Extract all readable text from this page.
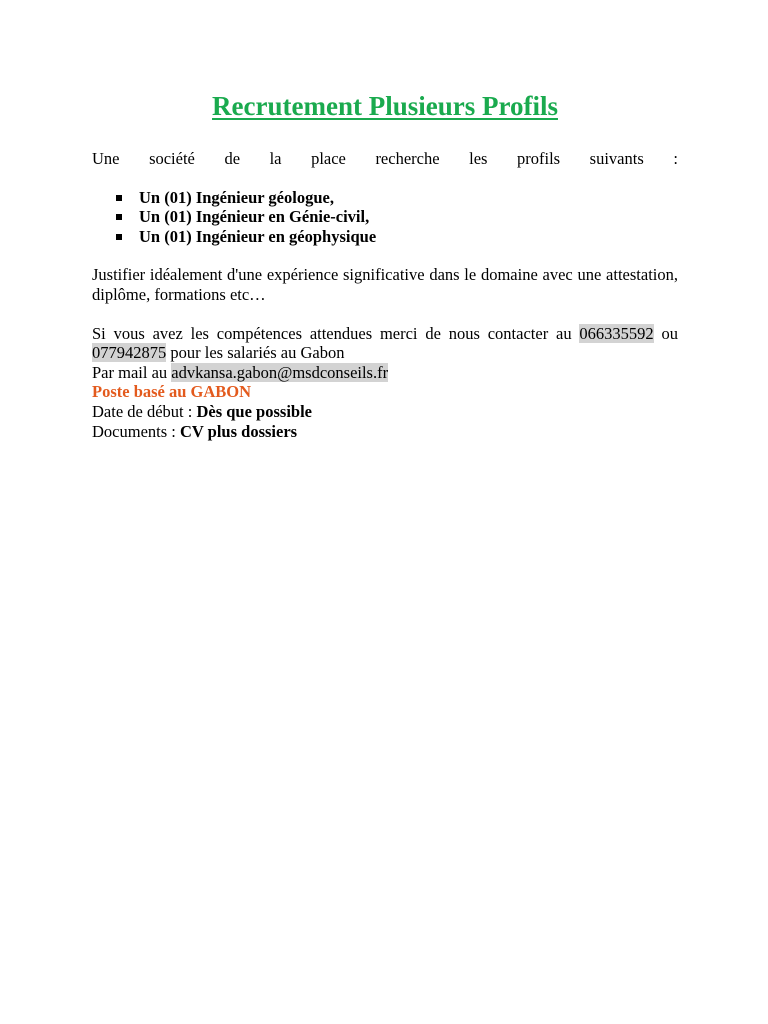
Recrutement Plusieurs Profils

Une société de la place recherche les profils suivants :

Un (01) Ingénieur géologue,
Un (01) Ingénieur en Génie-civil,
Un (01) Ingénieur en géophysique

Justifier idéalement d'une expérience significative dans le domaine avec une attestation, diplôme, formations etc…

Si vous avez les compétences attendues merci de nous contacter au 066335592 ou 077942875 pour les salariés au Gabon

Par mail au advkansa.gabon@msdconseils.fr

Poste basé au GABON

Date de début : Dès que possible

Documents : CV plus dossiers
